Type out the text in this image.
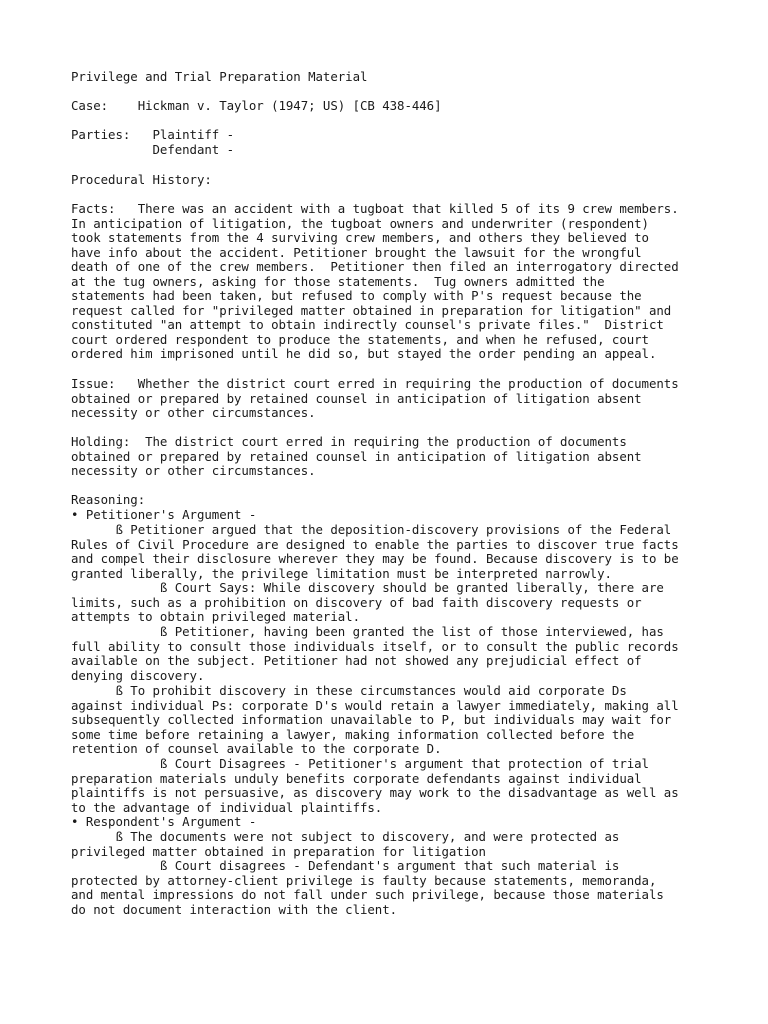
Privilege and Trial Preparation Material
Case:    Hickman v. Taylor (1947; US) [CB 438-446]
Parties:   Plaintiff -
Defendant -
Procedural History:
Facts:   There was an accident with a tugboat that killed 5 of its 9 crew members.
In anticipation of litigation, the tugboat owners and underwriter (respondent)
took statements from the 4 surviving crew members, and others they believed to
have info about the accident. Petitioner brought the lawsuit for the wrongful
death of one of the crew members.  Petitioner then filed an interrogatory directed
at the tug owners, asking for those statements.  Tug owners admitted the
statements had been taken, but refused to comply with P's request because the
request called for "privileged matter obtained in preparation for litigation" and
constituted "an attempt to obtain indirectly counsel's private files."  District
court ordered respondent to produce the statements, and when he refused, court
ordered him imprisoned until he did so, but stayed the order pending an appeal.
Issue:   Whether the district court erred in requiring the production of documents
obtained or prepared by retained counsel in anticipation of litigation absent
necessity or other circumstances.
Holding:  The district court erred in requiring the production of documents
obtained or prepared by retained counsel in anticipation of litigation absent
necessity or other circumstances.
Reasoning:
• Petitioner's Argument -
ß Petitioner argued that the deposition-discovery provisions of the Federal
Rules of Civil Procedure are designed to enable the parties to discover true facts
and compel their disclosure wherever they may be found. Because discovery is to be
granted liberally, the privilege limitation must be interpreted narrowly.
ß Court Says: While discovery should be granted liberally, there are
limits, such as a prohibition on discovery of bad faith discovery requests or
attempts to obtain privileged material.
ß Petitioner, having been granted the list of those interviewed, has
full ability to consult those individuals itself, or to consult the public records
available on the subject. Petitioner had not showed any prejudicial effect of
denying discovery.
ß To prohibit discovery in these circumstances would aid corporate Ds
against individual Ps: corporate D's would retain a lawyer immediately, making all
subsequently collected information unavailable to P, but individuals may wait for
some time before retaining a lawyer, making information collected before the
retention of counsel available to the corporate D.
ß Court Disagrees - Petitioner's argument that protection of trial
preparation materials unduly benefits corporate defendants against individual
plaintiffs is not persuasive, as discovery may work to the disadvantage as well as
to the advantage of individual plaintiffs.
• Respondent's Argument -
ß The documents were not subject to discovery, and were protected as
privileged matter obtained in preparation for litigation
ß Court disagrees - Defendant's argument that such material is
protected by attorney-client privilege is faulty because statements, memoranda,
and mental impressions do not fall under such privilege, because those materials
do not document interaction with the client.
